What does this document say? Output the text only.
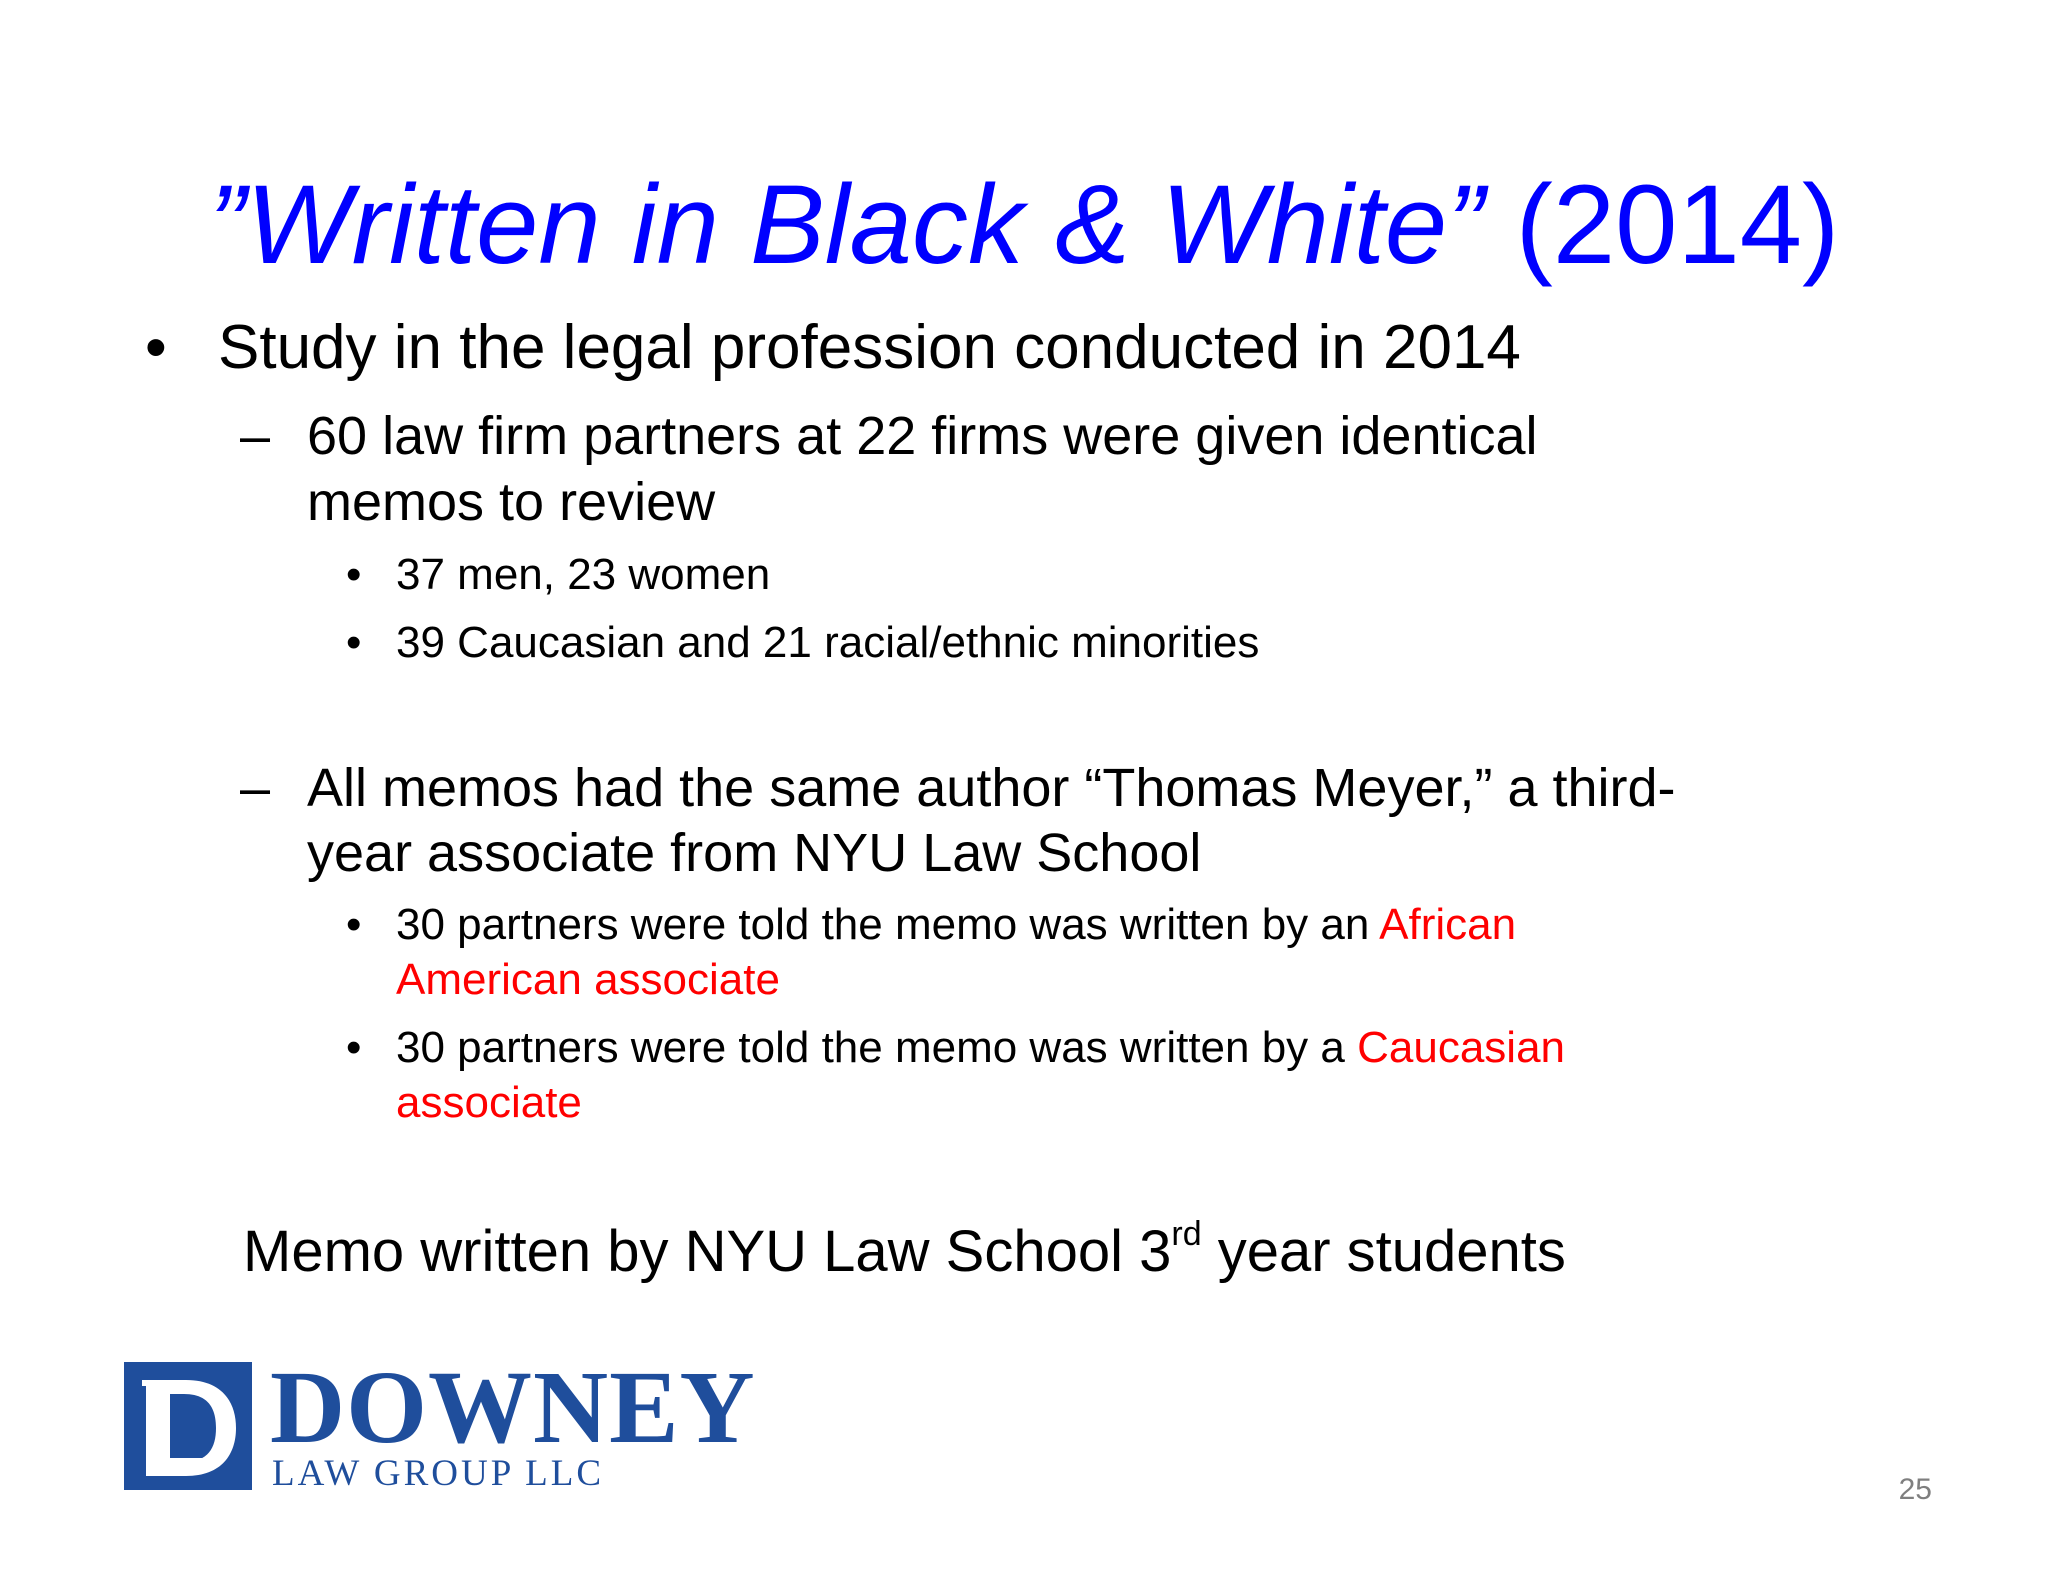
”Written in Black & White” (2014)
• Study in the legal profession conducted in 2014
– 60 law firm partners at 22 firms were given identical
memos to review
• 37 men, 23 women
• 39 Caucasian and 21 racial/ethnic minorities
– All memos had the same author “Thomas Meyer,” a third-
year associate from NYU Law School
• 30 partners were told the memo was written by an African
American associate
• 30 partners were told the memo was written by a Caucasian
associate
Memo written by NYU Law School 3rd year students
DOWNEY
LAW GROUP LLC	25
